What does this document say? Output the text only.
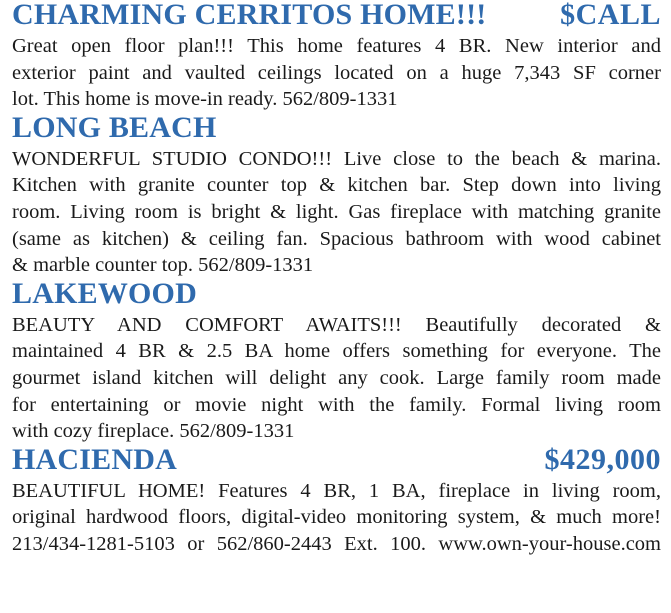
CHARMING CERRITOS HOME!!! $CALL

Great open floor plan!!! This home features 4 BR. New interior and
exterior paint and vaulted ceilings located on a huge 7,343 SF corner
lot. This home is move-in ready. 562/809-1331

LONG BEACH

WONDERFUL STUDIO CONDO!!! Live close to the beach & marina.
Kitchen with granite counter top & kitchen bar. Step down into living
room. Living room is bright & light. Gas fireplace with matching granite
(same as kitchen) & ceiling fan. Spacious bathroom with wood cabinet
& marble counter top. 562/809-1331

LAKEWOOD

BEAUTY AND COMFORT AWAITS!!! Beautifully decorated &
maintained 4 BR & 2.5 BA home offers something for everyone. The
gourmet island kitchen will delight any cook. Large family room made
for entertaining or movie night with the family. Formal living room
with cozy fireplace. 562/809-1331

HACIENDA	$429,000

BEAUTIFUL HOME! Features 4 BR, 1 BA, fireplace in living room,
original hardwood floors, digital-video monitoring system, & much more!
213/434-1281-5103 or 562/860-2443 Ext. 100. www.own-your-house.com
